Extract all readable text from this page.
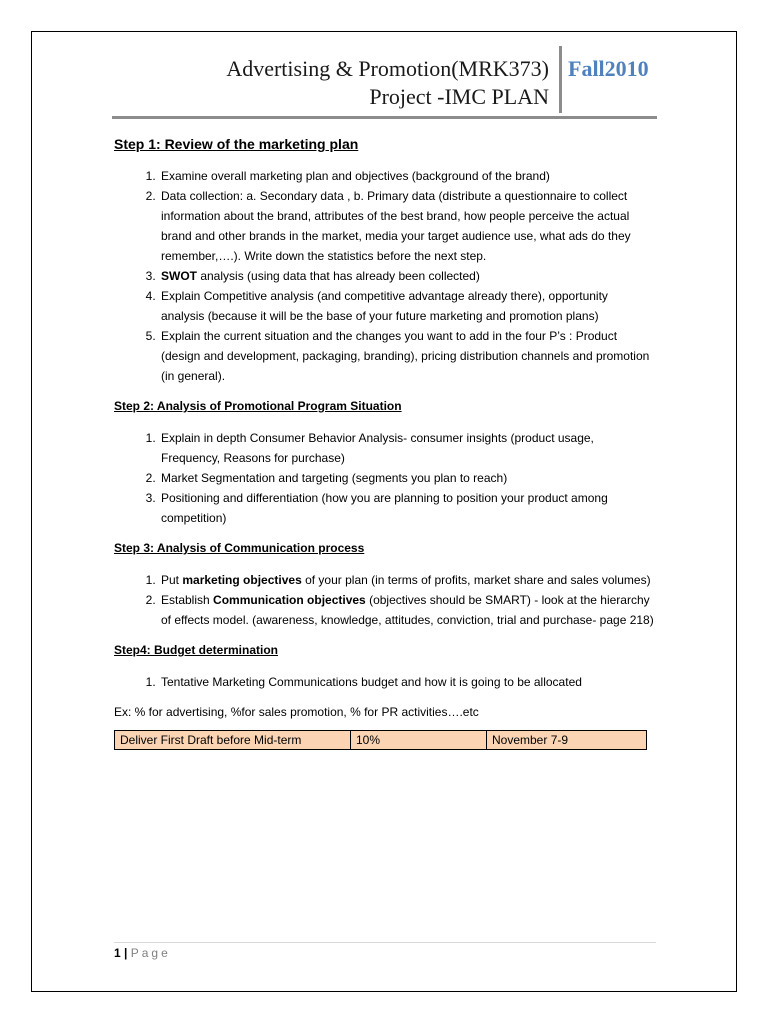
Advertising & Promotion(MRK373)
Project -IMC PLAN
Fall2010
Step 1: Review of the marketing plan
1. Examine overall marketing plan and objectives (background of the brand)
2. Data collection: a. Secondary data , b. Primary data (distribute a questionnaire to collect information about the brand, attributes of the best brand, how people perceive the actual brand and other brands in the market, media your target audience use, what ads do they remember,….). Write down the statistics before the next step.
3. SWOT analysis (using data that has already been collected)
4. Explain Competitive analysis (and competitive advantage already there), opportunity analysis (because it will be the base of your future marketing and promotion plans)
5. Explain the current situation and the changes you want to add in the four P’s : Product (design and development, packaging, branding), pricing distribution channels and promotion (in general).
Step 2: Analysis of Promotional Program Situation
1. Explain in depth Consumer Behavior Analysis- consumer insights (product usage, Frequency, Reasons for purchase)
2. Market Segmentation and targeting (segments you plan to reach)
3. Positioning and differentiation (how you are planning to position your product among competition)
Step 3: Analysis of Communication process
1. Put marketing objectives of your plan (in terms of profits, market share and sales volumes)
2. Establish Communication objectives (objectives should be SMART) - look at the hierarchy of effects model. (awareness, knowledge, attitudes, conviction, trial and purchase- page 218)
Step4: Budget determination
1. Tentative Marketing Communications budget and how it is going to be allocated
Ex: % for advertising, %for sales promotion, % for PR activities….etc
Deliver First Draft before Mid-term	10%	November 7-9
1 | Page
